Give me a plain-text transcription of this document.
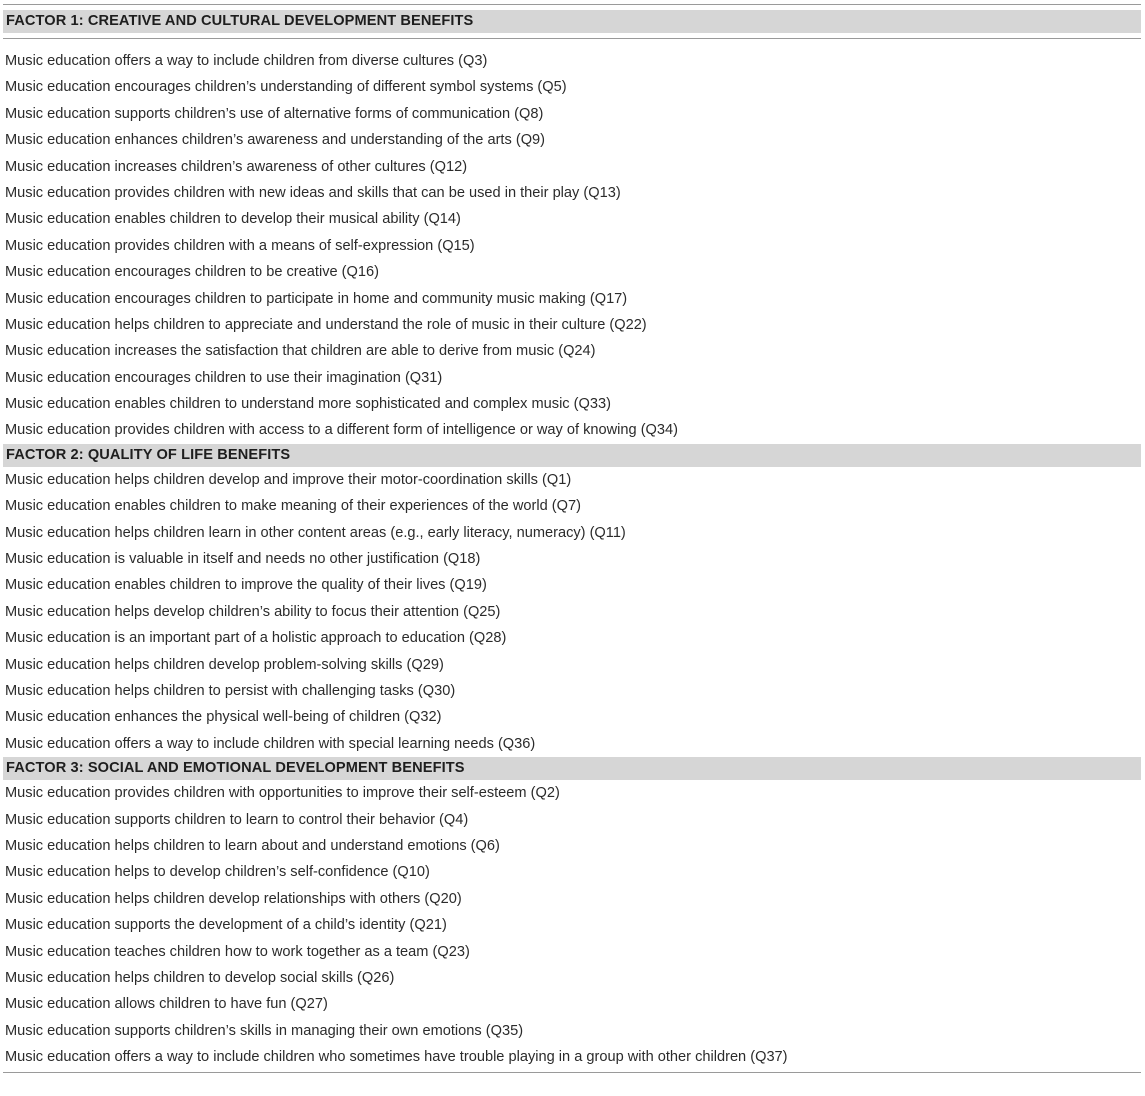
FACTOR 1: CREATIVE AND CULTURAL DEVELOPMENT BENEFITS
Music education offers a way to include children from diverse cultures (Q3)
Music education encourages children’s understanding of different symbol systems (Q5)
Music education supports children’s use of alternative forms of communication (Q8)
Music education enhances children’s awareness and understanding of the arts (Q9)
Music education increases children’s awareness of other cultures (Q12)
Music education provides children with new ideas and skills that can be used in their play (Q13)
Music education enables children to develop their musical ability (Q14)
Music education provides children with a means of self-expression (Q15)
Music education encourages children to be creative (Q16)
Music education encourages children to participate in home and community music making (Q17)
Music education helps children to appreciate and understand the role of music in their culture (Q22)
Music education increases the satisfaction that children are able to derive from music (Q24)
Music education encourages children to use their imagination (Q31)
Music education enables children to understand more sophisticated and complex music (Q33)
Music education provides children with access to a different form of intelligence or way of knowing (Q34)
FACTOR 2: QUALITY OF LIFE BENEFITS
Music education helps children develop and improve their motor-coordination skills (Q1)
Music education enables children to make meaning of their experiences of the world (Q7)
Music education helps children learn in other content areas (e.g., early literacy, numeracy) (Q11)
Music education is valuable in itself and needs no other justification (Q18)
Music education enables children to improve the quality of their lives (Q19)
Music education helps develop children’s ability to focus their attention (Q25)
Music education is an important part of a holistic approach to education (Q28)
Music education helps children develop problem-solving skills (Q29)
Music education helps children to persist with challenging tasks (Q30)
Music education enhances the physical well-being of children (Q32)
Music education offers a way to include children with special learning needs (Q36)
FACTOR 3: SOCIAL AND EMOTIONAL DEVELOPMENT BENEFITS
Music education provides children with opportunities to improve their self-esteem (Q2)
Music education supports children to learn to control their behavior (Q4)
Music education helps children to learn about and understand emotions (Q6)
Music education helps to develop children’s self-confidence (Q10)
Music education helps children develop relationships with others (Q20)
Music education supports the development of a child’s identity (Q21)
Music education teaches children how to work together as a team (Q23)
Music education helps children to develop social skills (Q26)
Music education allows children to have fun (Q27)
Music education supports children’s skills in managing their own emotions (Q35)
Music education offers a way to include children who sometimes have trouble playing in a group with other children (Q37)
